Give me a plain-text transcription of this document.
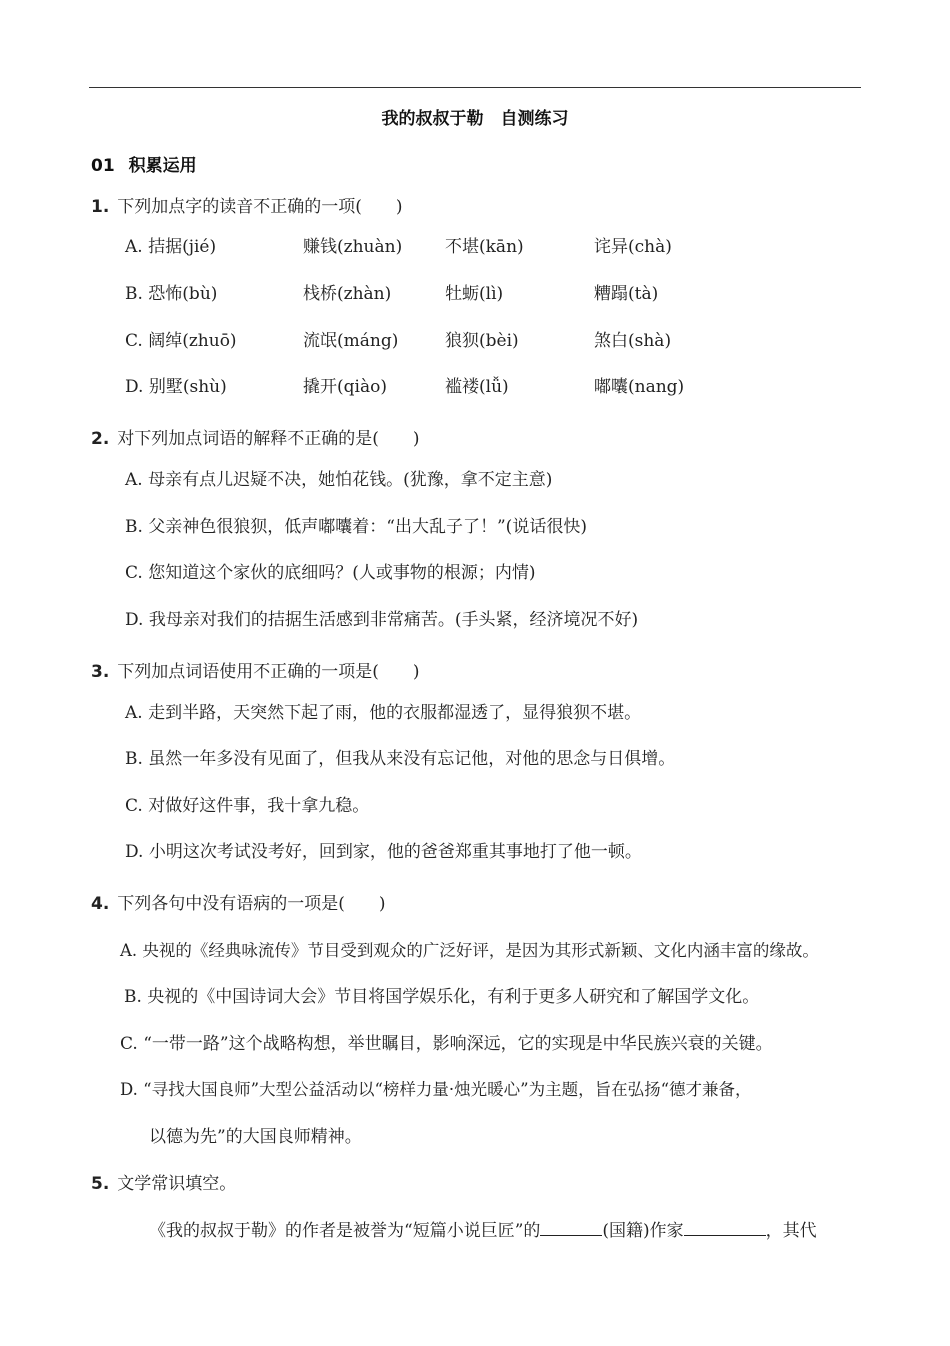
我的叔叔于勒　自测练习
01 积累运用
1. 下列加点字的读音不正确的一项(　　)
A. 拮据(jié)	赚钱(zhuàn)	不堪(kān)	诧异(chà)
B. 恐怖(bù)	栈桥(zhàn)	牡蛎(lì)	糟蹋(tà)
C. 阔绰(zhuō)	流氓(máng)	狼狈(bèi)	煞白(shà)
D. 别墅(shù)	撬开(qiào)	褴褛(lǚ)	嘟囔(nang)
2. 对下列加点词语的解释不正确的是(　　)
A. 母亲有点儿迟疑不决，她怕花钱。(犹豫，拿不定主意)
B. 父亲神色很狼狈，低声嘟囔着：“出大乱子了！”(说话很快)
C. 您知道这个家伙的底细吗？(人或事物的根源；内情)
D. 我母亲对我们的拮据生活感到非常痛苦。(手头紧，经济境况不好)
3. 下列加点词语使用不正确的一项是(　　)
A. 走到半路，天突然下起了雨，他的衣服都湿透了，显得狼狈不堪。
B. 虽然一年多没有见面了，但我从来没有忘记他，对他的思念与日俱增。
C. 对做好这件事，我十拿九稳。
D. 小明这次考试没考好，回到家，他的爸爸郑重其事地打了他一顿。
4. 下列各句中没有语病的一项是(　　)
A. 央视的《经典咏流传》节目受到观众的广泛好评，是因为其形式新颖、文化内涵丰富的缘故。
B. 央视的《中国诗词大会》节目将国学娱乐化，有利于更多人研究和了解国学文化。
C. “一带一路”这个战略构想，举世瞩目，影响深远，它的实现是中华民族兴衰的关键。
D. “寻找大国良师”大型公益活动以“榜样力量·烛光暖心”为主题，旨在弘扬“德才兼备，
以德为先”的大国良师精神。
5. 文学常识填空。
《我的叔叔于勒》的作者是被誉为“短篇小说巨匠”的	(国籍)作家	，其代
